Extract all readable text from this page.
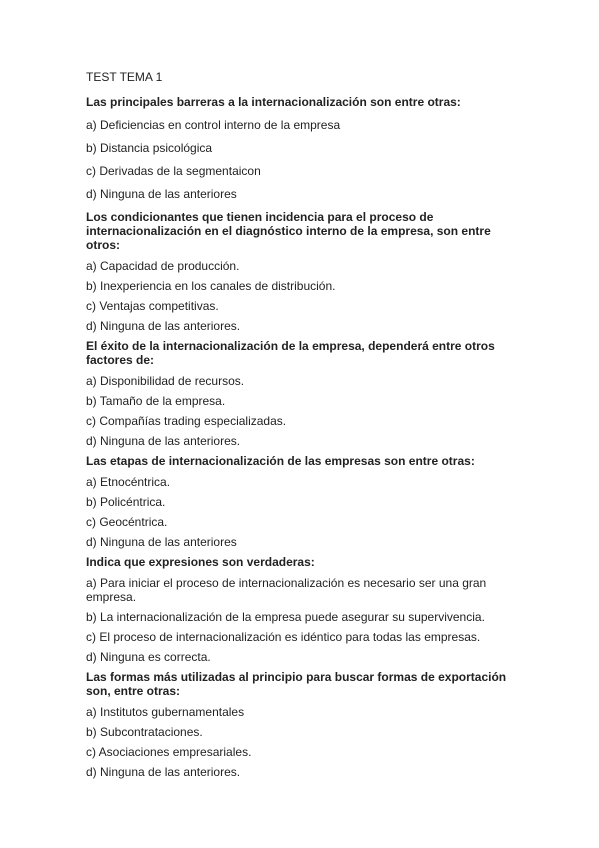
TEST TEMA 1
Las principales barreras a la internacionalización son entre otras:
a) Deficiencias en control interno de la empresa
b) Distancia psicológica
c) Derivadas de la segmentaicon
d) Ninguna de las anteriores
Los condicionantes que tienen incidencia para el proceso de internacionalización en el diagnóstico interno de la empresa, son entre otros:
a) Capacidad de producción.
b) Inexperiencia en los canales de distribución.
c) Ventajas competitivas.
d) Ninguna de las anteriores.
El éxito de la internacionalización de la empresa, dependerá entre otros factores de:
a) Disponibilidad de recursos.
b) Tamaño de la empresa.
c) Compañías trading especializadas.
d) Ninguna de las anteriores.
Las etapas de internacionalización de las empresas son entre otras:
a) Etnocéntrica.
b) Policéntrica.
c) Geocéntrica.
d) Ninguna de las anteriores
Indica que expresiones son verdaderas:
a) Para iniciar el proceso de internacionalización es necesario ser una gran empresa.
b) La internacionalización de la empresa puede asegurar su supervivencia.
c) El proceso de internacionalización es idéntico para todas las empresas.
d) Ninguna es correcta.
Las formas más utilizadas al principio para buscar formas de exportación son, entre otras:
a) Institutos gubernamentales
b) Subcontrataciones.
c) Asociaciones empresariales.
d) Ninguna de las anteriores.
